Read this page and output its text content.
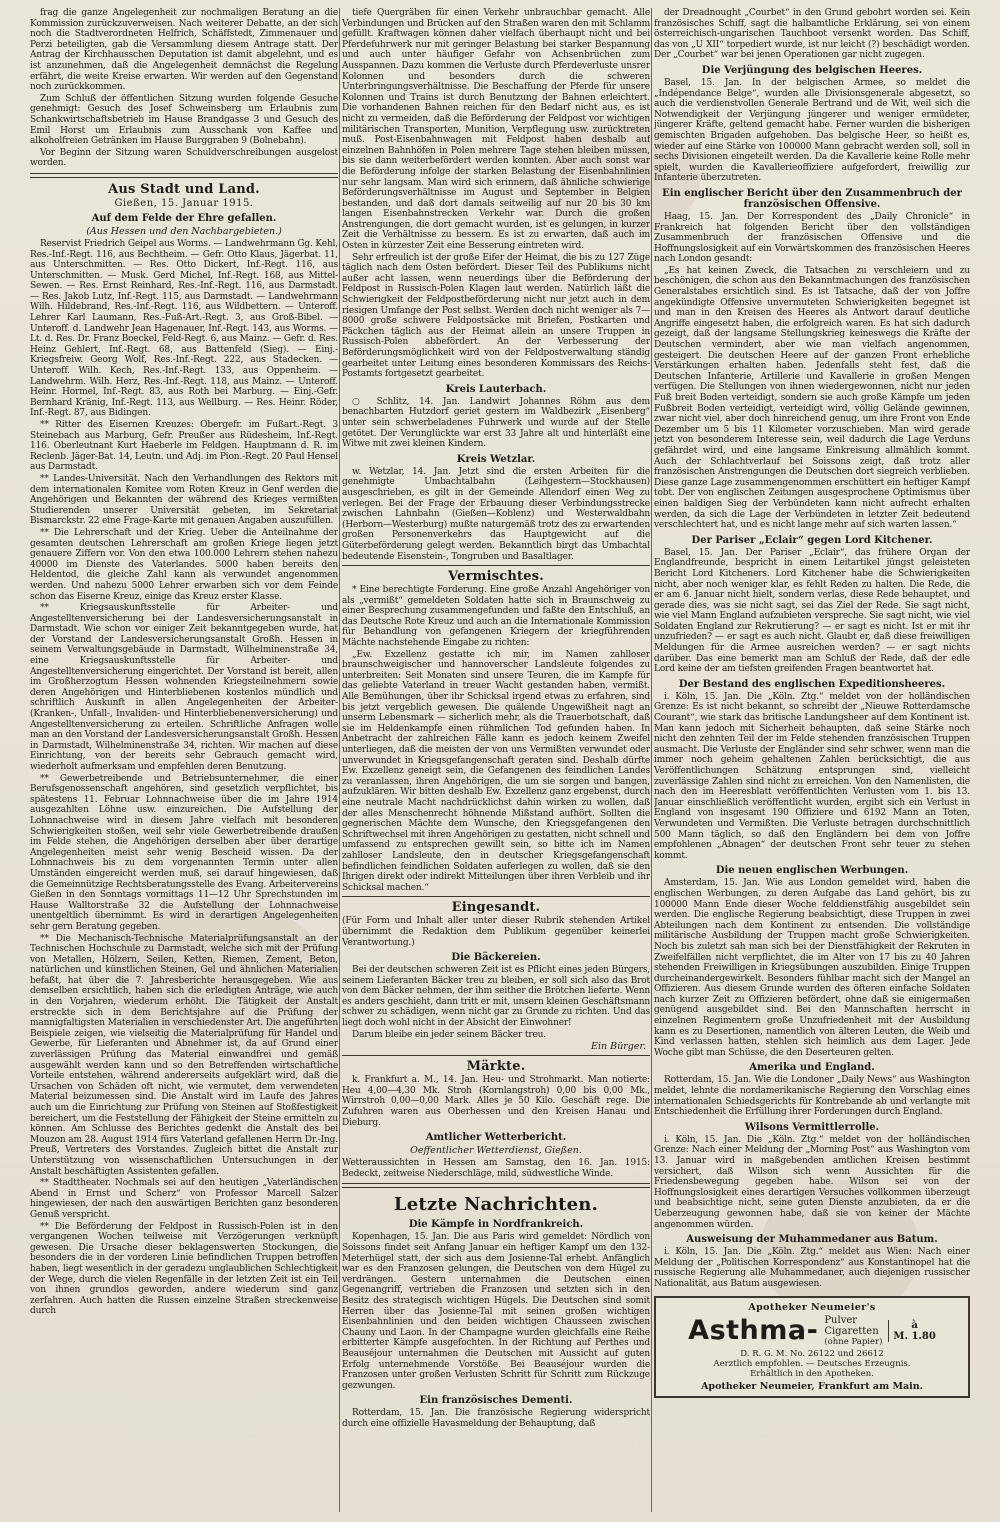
frag die ganze Angelegenheit zur nochmaligen Beratung an die Kommission zurückzuverweisen. Nach weiterer Debatte, an der sich noch die Stadtverordneten Helfrich, Schäffstedt, Zimmenauer und Perzi beteiligten, gab die Versammlung diesem Antrage statt. Der Antrag der Kirchhausschen Deputation ist damit abgelehnt, und es ist anzunehmen, daß die Angelegenheit demnächst die Regelung erfährt, die weite Kreise erwarten. Wir werden auf den Gegenstand noch zurückkommen.

Zum Schluß der öffentlichen Sitzung wurden folgende Gesuche genehmigt: Gesuch des Josef Schweinsberg um Erlaubnis zum Schankwirtschaftsbetrieb im Hause Brandgasse 3 und Gesuch des Emil Horst um Erlaubnis zum Ausschank von Kaffee und alkoholfreien Getränken im Hause Burggraben 9 (Bolnebahn).

Vor Beginn der Sitzung waren Schuldverschreibungen ausgelost worden.

Aus Stadt und Land.
Gießen, 15. Januar 1915.
Auf dem Felde der Ehre gefallen.
(Aus Hessen und den Nachbargebieten.)

Reservist Friedrich Geipel aus Worms. — Landwehrmann Gg. Kehl, Res.-Inf.-Regt. 116, aus Bechtheim. — Gefr. Otto Klaus, Jägerbat. 11, aus Unterschmitten. — Res. Otto Dickert, Inf.-Regt. 116, aus Unterschmitten. — Musk. Gerd Michel, Inf.-Regt. 168, aus Mittel-Sewen. — Res. Ernst Reinhard, Res.-Inf.-Regt. 116, aus Darmstadt. — Res. Jakob Lutz, Inf.-Regt. 115, aus Darmstadt. — Landwehrmann Wilh. Hildebrand, Res.-Inf.-Regt. 116, aus Wildbettern. — Unteroff. Lehrer Karl Laumann, Res.-Fuß-Art.-Regt. 3, aus Groß-Bibel. — Unteroff. d. Landwehr Jean Hagenauer, Inf.-Regt. 143, aus Worms. — Lt. d. Res. Dr. Franz Boeckel, Feld-Regt. 6, aus Mainz. — Gefr. d. Res. Heinz Gehlert, Inf.-Regt. 68, aus Battenfeld (Sieg). — Einj.-Kriegsfreiw. Georg Wolf, Res.-Inf.-Regt. 222, aus Stadecken. — Unteroff. Wilh. Kech, Res.-Inf.-Regt. 133, aus Oppenheim. — Landwehrm. Wilh. Herz, Res.-Inf.-Regt. 118, aus Mainz. — Unteroff. Heinr. Hormel, Inf.-Regt. 83, aus Roth bei Marburg. — Einj.-Gefr. Bernhard Kränig, Inf.-Regt. 113, aus Wellburg. — Res. Heinr. Röder, Inf.-Regt. 87, aus Bidingen.

** Ritter des Eisernen Kreuzes: Obergefr. im Fußart.-Regt. 3 Steinebach aus Marburg, Gefr. Preußer aus Rüdesheim, Inf.-Regt. 116. Oberleutnant Kurt Haeberle im Feldgen. Hauptmann d. R. im Reclenb. Jäger-Bat. 14, Leutn. und Adj. im Pion.-Regt. 20 Paul Hensel aus Darmstadt.

** Landes-Universität. Nach den Verhandlungen des Rektors mit dem internationalen Komitee vom Roten Kreuz in Genf werden die Angehörigen und Bekannten der während des Krieges vermißten Studierenden unserer Universität gebeten, im Sekretariat Bismarckstr. 22 eine Frage-Karte mit genauen Angaben auszufüllen.

** Die Lehrerschaft und der Krieg. Ueber die Anteilnahme der gesamten deutschen Lehrerschaft am großen Kriege liegen jetzt genauere Ziffern vor. Von den etwa 100.000 Lehrern stehen nahezu 40000 im Dienste des Vaterlandes. 5000 haben bereits den Heldentod, die gleiche Zahl kann als verwundet angenommen werden. Und nahezu 5000 Lehrer erwarben sich vor dem Feinde schon das Eiserne Kreuz, einige das Kreuz erster Klasse.

** Kriegsauskunftsstelle für Arbeiter- und Angestelltenversicherung bei der Landesversicherungsanstalt in Darmstadt. Wie schon vor einiger Zeit bekanntgegeben wurde, hat der Vorstand der Landesversicherungsanstalt Großh. Hessen in seinem Verwaltungsgebäude in Darmstadt, Wilhelminenstraße 34, eine Kriegsauskunftsstelle für Arbeiter- und Angestelltenversicherung eingerichtet. Der Vorstand ist bereit, allen im Großherzogtum Hessen wohnenden Kriegsteilnehmern sowie deren Angehörigen und Hinterbliebenen kostenlos mündlich und schriftlich Auskunft in allen Angelegenheiten der Arbeiter- (Kranken-, Unfall-, Invaliden- und Hinterbliebenenversicherung) und Angestelltenversicherung zu erteilen. Schriftliche Anfragen wolle man an den Vorstand der Landesversicherungsanstalt Großh. Hessen in Darmstadt, Wilhelminenstraße 34, richten. Wir machen auf diese Einrichtung, von der bereits sehr Gebrauch gemacht wird, wiederholt aufmerksam und empfehlen deren Benutzung.

** Gewerbetreibende und Betriebsunternehmer, die einer Berufsgenossenschaft angehören, sind gesetzlich verpflichtet, bis spätestens 11. Februar Lohnnachweise über die im Jahre 1914 ausgezahlten Löhne usw. einzureichen. Die Aufstellung der Lohnnachweise wird in diesem Jahre vielfach mit besonderen Schwierigkeiten stoßen, weil sehr viele Gewerbetreibende draußen im Felde stehen, die Angehörigen derselben aber über derartige Angelegenheiten meist sehr wenig Bescheid wissen. Da der Lohnnachweis bis zu dem vorgenannten Termin unter allen Umständen eingereicht werden muß, sei darauf hingewiesen, daß die Gemeinnützige Rechtsberatungsstelle des Evang. Arbeitervereins Gießen in den Sonntags vormittags 11—12 Uhr Sprechstunden im Hause Walltorstraße 32 die Aufstellung der Lohnnachweise unentgeltlich übernimmt. Es wird in derartigen Angelegenheiten sehr gern Beratung gegeben.

** Die Mechanisch-Technische Materialprüfungsanstalt an der Technischen Hochschule zu Darmstadt, welche sich mit der Prüfung von Metallen, Hölzern, Seilen, Ketten, Riemen, Zement, Beton, natürlichen und künstlichen Steinen, Gel und ähnlichen Materialien befaßt, hat über die 7. Jahresberichte herausgegeben. Wie aus demselben ersichtlich, haben sich die erledigten Anträge, wie auch in den Vorjahren, wiederum erhöht. Die Tätigkeit der Anstalt erstreckte sich in dem Berichtsjahre auf die Prüfung der mannigfaltigsten Materialien in verschiedenster Art. Die angeführten Beispiele zeigen, wie vielseitig die Materialprüfung für Handel und Gewerbe, für Lieferanten und Abnehmer ist, da auf Grund einer zuverlässigen Prüfung das Material einwandfrei und gemäß ausgewählt werden kann und so den Betreffenden wirtschaftliche Vorteile entstehen, während andererseits aufgeklärt wird, daß die Ursachen von Schäden oft nicht, wie vermutet, dem verwendeten Material beizumessen sind. Die Anstalt wird im Laufe des Jahres auch um die Einrichtung zur Prüfung von Steinen auf Stoßfestigkeit bereichert, um die Feststellung der Fähigkeit der Steine ermitteln zu können. Am Schlusse des Berichtes gedenkt die Anstalt des bei Mouzon am 28. August 1914 fürs Vaterland gefallenen Herrn Dr.-Ing. Preuß, Vertreters des Vorstandes. Zugleich bittet die Anstalt zur Unterstützung von wissenschaftlichen Untersuchungen in der Anstalt beschäftigten Assistenten gefallen.

** Stadttheater. Nochmals sei auf den heutigen „Vaterländischen Abend in Ernst und Scherz“ von Professor Marcell Salzer hingewiesen, der nach den auswärtigen Berichten ganz besonderen Genuß verspricht.

** Die Beförderung der Feldpost in Russisch-Polen ist in den vergangenen Wochen teilweise mit Verzögerungen verknüpft gewesen. Die Ursache dieser beklagenswerten Stockungen, die besonders die in der vorderen Linie befindlichen Truppen betroffen haben, liegt wesentlich in der geradezu unglaublichen Schlechtigkeit der Wege, durch die vielen Regenfälle in der letzten Zeit ist ein Teil von ihnen grundlos geworden, andere wiederum sind ganz zerfahren. Auch hatten die Russen einzelne Straßen streckenweise durch

tiefe Quergräben für einen Verkehr unbrauchbar gemacht. Alle Verbindungen und Brücken auf den Straßen waren den mit Schlamm gefüllt. Kraftwagen können daher vielfach überhaupt nicht und bei Pferdefuhrwerk nur mit geringer Belastung bei starker Bespannung und auch unter häufiger Gefahr von Achsenbrüchen zum Ausspannen. Dazu kommen die Verluste durch Pferdeverluste unsrer Kolonnen und besonders durch die schweren Unterbringungsverhältnisse. Die Beschaffung der Pferde für unsere Kolonnen und Trains ist durch Benutzung der Bahnen erleichtert. Die vorhandenen Bahnen reichen für den Bedarf nicht aus, es ist nicht zu vermeiden, daß die Beförderung der Feldpost vor wichtigen militärischen Transporten, Munition, Verpflegung usw. zurücktreten muß. Post-Eisenbahnwagen mit Feldpost haben deshalb auf einzelnen Bahnhöfen in Polen mehrere Tage stehen bleiben müssen, bis sie dann weiterbefördert werden konnten. Aber auch sonst war die Beförderung infolge der starken Belastung der Eisenbahnlinien nur sehr langsam. Man wird sich erinnern, daß ähnliche schwierige Beförderungsverhältnisse im August und September in Belgien bestanden, und daß dort damals seitweilig auf nur 20 bis 30 km langen Eisenbahnstrecken Verkehr war. Durch die großen Anstrengungen, die dort gemacht wurden, ist es gelungen, in kurzer Zeit die Verhältnisse zu bessern. Es ist zu erwarten, daß auch im Osten in kürzester Zeit eine Besserung eintreten wird.

Sehr erfreulich ist der große Eifer der Heimat, die bis zu 127 Züge täglich nach dem Osten befördert. Dieser Teil des Publikums nicht außer acht lassen, wenn neuerdings über die Beförderung der Feldpost in Russisch-Polen Klagen laut werden. Natürlich läßt die Schwierigkeit der Feldpostbeförderung nicht nur jetzt auch in dem riesigen Umfange der Post selbst. Werden doch nicht weniger als 7—8000 große schwere Feldpostsäcke mit Briefen, Postkarten und Päckchen täglich aus der Heimat allein an unsere Truppen in Russisch-Polen abbefördert. An der Verbesserung der Beförderungsmöglichkeit wird von der Feldpostverwaltung ständig gearbeitet unter Leitung eines besonderen Kommissars des Reichs-Postamts fortgesetzt gearbeitet.

Kreis Lauterbach.

○ Schlitz, 14. Jan. Landwirt Johannes Röhm aus dem benachbarten Hutzdorf geriet gestern im Waldbezirk „Eisenberg“ unter sein schwerbeladenes Fuhrwerk und wurde auf der Stelle getötet. Der Verunglückte war erst 33 Jahre alt und hinterläßt eine Witwe mit zwei kleinen Kindern.

Kreis Wetzlar.

w. Wetzlar, 14. Jan. Jetzt sind die ersten Arbeiten für die genehmigte Umbachtalbahn (Leihgestern—Stockhausen) ausgeschrieben, es gilt in der Gemeinde Allendorf einen Weg zu verlegen. Bei der Frage der Erbauung dieser Verbindungsstrecke zwischen Lahnbahn (Gießen—Koblenz) und Westerwaldbahn (Herborn—Westerburg) mußte naturgemäß trotz des zu erwartenden großen Personenverkehrs das Hauptgewicht auf die Güterbeförderung gelegt werden. Bekanntlich birgt das Umbachtal bedeutende Eisenstein-, Tongruben und Basaltlager.

Vermischtes.

* Eine berechtigte Forderung. Eine große Anzahl Angehöriger von als „vermißt“ gemeldeten Soldaten hatte sich in Braunschweig zu einer Besprechung zusammengefunden und faßte den Entschluß, an das Deutsche Rote Kreuz und auch an die Internationale Kommission für Behandlung von gefangenen Kriegern der kriegführenden Mächte nachstehende Eingabe zu richten:

„Ew. Exzellenz gestatte ich mir, im Namen zahlloser braunschweigischer und hannoverscher Landsleute folgendes zu unterbreiten: Seit Monaten sind unsere Teuren, die im Kampfe für das geliebte Vaterland in treuer Wacht gestanden haben, vermißt. Alle Bemühungen, über ihr Schicksal irgend etwas zu erfahren, sind bis jetzt vergeblich gewesen. Die quälende Ungewißheit nagt an unserm Lebensmark — sicherlich mehr, als die Trauerbotschaft, daß sie im Heldenkampfe einen rühmlichen Tod gefunden haben. In Anbetracht der zahlreichen Fälle kann es jedoch keinem Zweifel unterliegen, daß die meisten der von uns Vermißten verwundet oder unverwundet in Kriegsgefangenschaft geraten sind. Deshalb dürfte Ew. Exzellenz geneigt sein, die Gefangenen des feindlichen Landes zu veranlassen, ihren Angehörigen, die um sie sorgen und bangen, aufzuklären. Wir bitten deshalb Ew. Exzellenz ganz ergebenst, durch eine neutrale Macht nachdrücklichst dahin wirken zu wollen, daß der alles Menschenrecht höhnende Mißstand aufhört. Sollten die gegnerischen Mächte dem Wunsche, den Kriegsgefangenen den Schriftwechsel mit ihren Angehörigen zu gestatten, nicht schnell und umfassend zu entsprechen gewillt sein, so bitte ich im Namen zahlloser Landsleute, den in deutscher Kriegsgefangenschaft befindlichen feindlichen Soldaten auferlegen zu wollen, daß sie den Ihrigen direkt oder indirekt Mitteilungen über ihren Verbleib und ihr Schicksal machen.“

Eingesandt.

(Für Form und Inhalt aller unter dieser Rubrik stehenden Artikel übernimmt die Redaktion dem Publikum gegenüber keinerlei Verantwortung.)

Die Bäckereien.

Bei der deutschen schweren Zeit ist es Pflicht eines jeden Bürgers, seinem Lieferanten Bäcker treu zu bleiben, er soll sich also das Brot von dem Bäcker nehmen, der ihm seither die Brötchen lieferte. Wenn es anders geschieht, dann tritt er mit, unsern kleinen Geschäftsmann schwer zu schädigen, wenn nicht gar zu Grunde zu richten. Und das liegt doch wohl nicht in der Absicht der Einwohner!

Darum bleibe ein jeder seinem Bäcker treu.

Ein Bürger.
Märkte.

k. Frankfurt a. M., 14. Jan. Heu- und Strohmarkt. Man notierte: Heu 4,00—4,30 Mk. Stroh (Kornlangstroh) 0,00 bis 0,00 Mk., Wirrstroh 0,00—0,00 Mark. Alles je 50 Kilo. Geschäft rege. Die Zufuhren waren aus Oberhessen und den Kreisen Hanau und Dieburg.

Amtlicher Wetterbericht.
Oeffentlicher Wetterdienst, Gießen.

Wetteraussichten in Hessen am Samstag, den 16. Jan. 1915: Bedeckt, zeitweise Niederschläge, mild, südwestliche Winde.

Letzte Nachrichten.
Die Kämpfe in Nordfrankreich.

Kopenhagen, 15. Jan. Die aus Paris wird gemeldet: Nördlich von Soissons findet seit Anfang Januar ein heftiger Kampf um den 132-Meterhügel statt, der sich aus dem Josienne-Tal erhebt. Anfänglich war es den Franzosen gelungen, die Deutschen von dem Hügel zu verdrängen. Gestern unternahmen die Deutschen einen Gegenangriff, vertrieben die Franzosen und setzten sich in den Besitz des strategisch wichtigen Hügels. Die Deutschen sind somit Herren über das Josienne-Tal mit seinen großen wichtigen Eisenbahnlinien und den beiden wichtigen Chausseen zwischen Chauny und Laon. In der Champagne wurden gleichfalls eine Reihe erbitterter Kämpfe ausgefochten. In der Richtung auf Perthes und Beauséjour unternahmen die Deutschen mit Aussicht auf guten Erfolg unternehmende Vorstöße. Bei Beauséjour wurden die Franzosen unter großen Verlusten Schritt für Schritt zum Rückzuge gezwungen.

Ein französisches Dementi.

Rotterdam, 15. Jan. Die französische Regierung widerspricht durch eine offizielle Havasmeldung der Behauptung, daß

der Dreadnought „Courbet“ in den Grund gebohrt worden sei. Kein französisches Schiff, sagt die halbamtliche Erklärung, sei von einem österreichisch-ungarischen Tauchboot versenkt worden. Das Schiff, das von „U XII“ torpediert wurde, ist nur leicht (?) beschädigt worden. Der „Courbet“ war bei jenen Operationen gar nicht zugegen.

Die Verjüngung des belgischen Heeres.

Basel, 15. Jan. In der belgischen Armee, so meldet die „Indépendance Belge“, wurden alle Divisionsgenerale abgesetzt, so auch die verdienstvollen Generale Bertrand und de Wit, weil sich die Notwendigkeit der Verjüngung jüngerer und weniger ermüdeter, jüngerer Kräfte, geltend gemacht habe. Ferner wurden die bisherigen gemischten Brigaden aufgehoben. Das belgische Heer, so heißt es, wieder auf eine Stärke von 100000 Mann gebracht werden soll, soll in sechs Divisionen eingeteilt werden. Da die Kavallerie keine Rolle mehr spielt, wurden die Kavallerieoffiziere aufgefordert, freiwillig zur Infanterie überzutreten.

Ein englischer Bericht über den Zusammenbruch der französischen Offensive.

Haag, 15. Jan. Der Korrespondent des „Daily Chronicle“ in Frankreich hat folgenden Bericht über den vollständigen Zusammenbruch der französischen Offensive und die Hoffnungslosigkeit auf ein Vorwärtskommen des französischen Heeres nach London gesandt:

„Es hat keinen Zweck, die Tatsachen zu verschleiern und zu beschönigen, die schon aus den Bekanntmachungen des französischen Generalstabes ersichtlich sind. Es ist Tatsache, daß der von Joffre angekündigte Offensive unvermuteten Schwierigkeiten begegnet ist und man in den Kreisen des Heeres als Antwort darauf deutliche Angriffe eingesetzt haben, die erfolgreich waren. Es hat sich dadurch gezeigt, daß der langsame Stellungskrieg keineswegs die Kräfte der Deutschen vermindert, aber wie man vielfach angenommen, gesteigert. Die deutschen Heere auf der ganzen Front erhebliche Verstärkungen erhalten haben. Jedenfalls steht fest, daß die Deutschen Infanterie, Artillerie und Kavallerie in großen Mengen verfügen. Die Stellungen von ihnen wiedergewonnen, nicht nur jeden Fuß breit Boden verteidigt, sondern sie auch große Kämpfe um jeden Fußbreit Boden verteidigt, verteidigt wird, völlig Gelände gewinnen, zwar nicht viel, aber doch hinreichend genug, um ihre Front von Ende Dezember um 5 bis 11 Kilometer vorzuschieben. Man wird gerade jetzt von besonderem Interesse sein, weil dadurch die Lage Verduns gefährdet wird, und eine langsame Einkreisung allmählich kommt. Auch der Schlachtverlauf bei Soissons zeigt, daß trotz aller französischen Anstrengungen die Deutschen dort siegreich verblieben. Diese ganze Lage zusammengenommen erschüttert ein heftiger Kampf tobt. Der von englischen Zeitungen ausgesprochene Optimismus über einen baldigen Sieg der Verbündeten kann nicht aufrecht erhalten werden, da sich die Lage der Verbündeten in letzter Zeit bedeutend verschlechtert hat, und es nicht lange mehr auf sich warten lassen.“

Der Pariser „Eclair“ gegen Lord Kitchener.

Basel, 15. Jan. Der Pariser „Eclair“, das frühere Organ der Englandfreunde, bespricht in einem Leitartikel jüngst geleisteten Bericht Lord Kitcheners. Lord Kitchener habe die Schwierigkeiten nicht, aber noch weniger klar, es fehlt Reden zu halten. Die Rede, die er am 6. Januar nicht hielt, sondern verlas, diese Rede behauptet, und gerade dies, was sie nicht sagt, sei das Ziel der Rede. Sie sagt nicht, wie viel Mann England aufzubieten verspreche. Sie sagt nicht, wie viel Soldaten England zur Rekrutierung? — er sagt es nicht. Ist er mit ihr unzufrieden? — er sagt es auch nicht. Glaubt er, daß diese freiwilligen Meldungen für die Armee ausreichen werden? — er sagt nichts darüber. Das eine bemerkt man am Schluß der Rede, daß der edle Lord keine der am tiefsten greifenden Fragen beantwortet hat.

Der Bestand des englischen Expeditionsheeres.

i. Köln, 15. Jan. Die „Köln. Ztg.“ meldet von der holländischen Grenze: Es ist nicht bekannt, so schreibt der „Nieuwe Rotterdamsche Courant“, wie stark das britische Landungsheer auf dem Kontinent ist. Man kann jedoch mit Sicherheit behaupten, daß seine Stärke noch nicht den zehnten Teil der im Felde stehenden französischen Truppen ausmacht. Die Verluste der Engländer sind sehr schwer, wenn man die immer noch geheim gehaltenen Zahlen berücksichtigt, die aus Veröffentlichungen Schätzung entsprungen sind, vielleicht zuverlässige Zahlen sind nicht zu erreichen. Von den Namenlisten, die nach den im Heeresblatt veröffentlichten Verlusten vom 1. bis 13. Januar einschließlich veröffentlicht wurden, ergibt sich ein Verlust in England von insgesamt 190 Offiziere und 6192 Mann an Toten, Verwundeten und Vermißten. Die Verluste betragen durchschnittlich 500 Mann täglich, so daß den Engländern bei dem von Joffre empfohlenen „Abnagen“ der deutschen Front sehr teuer zu stehen kommt.

Die neuen englischen Werbungen.

Amsterdam, 15. Jan. Wie aus London gemeldet wird, haben die englischen Werbungen, zu deren Aufgabe das Land gehört, bis zu 100000 Mann Ende dieser Woche felddienstfähig ausgebildet sein werden. Die englische Regierung beabsichtigt, diese Truppen in zwei Abteilungen nach dem Kontinent zu entsenden. Die vollständige militärische Ausbildung der Truppen macht große Schwierigkeiten. Noch bis zuletzt sah man sich bei der Dienstfähigkeit der Rekruten in Zweifelfällen nicht verpflichtet, die im Alter von 17 bis zu 40 Jahren stehenden Freiwilligen in Kriegsübungen auszubilden. Einige Truppen durcheinandergewirkelt. Besonders fühlbar macht sich der Mangel an Offizieren. Aus diesem Grunde wurden des öfteren einfache Soldaten nach kurzer Zeit zu Offizieren befördert, ohne daß sie einigermaßen genügend ausgebildet sind. Bei den Mannschaften herrscht in einzelnen Regimentern große Unzufriedenheit mit der Ausbildung kann es zu Desertionen, namentlich von älteren Leuten, die Weib und Kind verlassen hatten, stehlen sich heimlich aus dem Lager. Jede Woche gibt man Schüsse, die den Deserteuren gelten.

Amerika und England.

Rotterdam, 15. Jan. Wie die Londoner „Daily News“ aus Washington meldet, lehnte die nordamerikanische Regierung den Vorschlag eines internationalen Schiedsgerichts für Kontrebande ab und verlangte mit Entschiedenheit die Erfüllung ihrer Forderungen durch England.

Wilsons Vermittlerrolle.

i. Köln, 15. Jan. Die „Köln. Ztg.“ meldet von der holländischen Grenze: Nach einer Meldung der „Morning Post“ aus Washington vom 13. Januar wird in maßgebenden amtlichen Kreisen bestimmt versichert, daß Wilson sich wenn Aussichten für die Friedensbewegung gegeben habe. Wilson sei von der Hoffnungslosigkeit eines derartigen Versuches vollkommen überzeugt und beabsichtige nicht, seine guten Dienste anzubieten, da er die Ueberzeugung gewonnen habe, daß sie von keiner der Mächte angenommen würden.

Ausweisung der Muhammedaner aus Batum.

i. Köln, 15. Jan. Die „Köln. Ztg.“ meldet aus Wien: Nach einer Meldung der „Politischen Korrespondenz“ aus Konstantinopel hat die russische Regierung alle Muhammedaner, auch diejenigen russischer Nationalität, aus Batum ausgewiesen.

Apotheker Neumeier's
Asthma- Pulver
Cigaretten
(ohne Papier)
à
M. 1.80
D. R. G. M. No. 26122 und 26612
Aerztlich empfohlen. — Deutsches Erzeugnis.
Erhältlich in den Apotheken.
Apotheker Neumeier, Frankfurt am Main.
